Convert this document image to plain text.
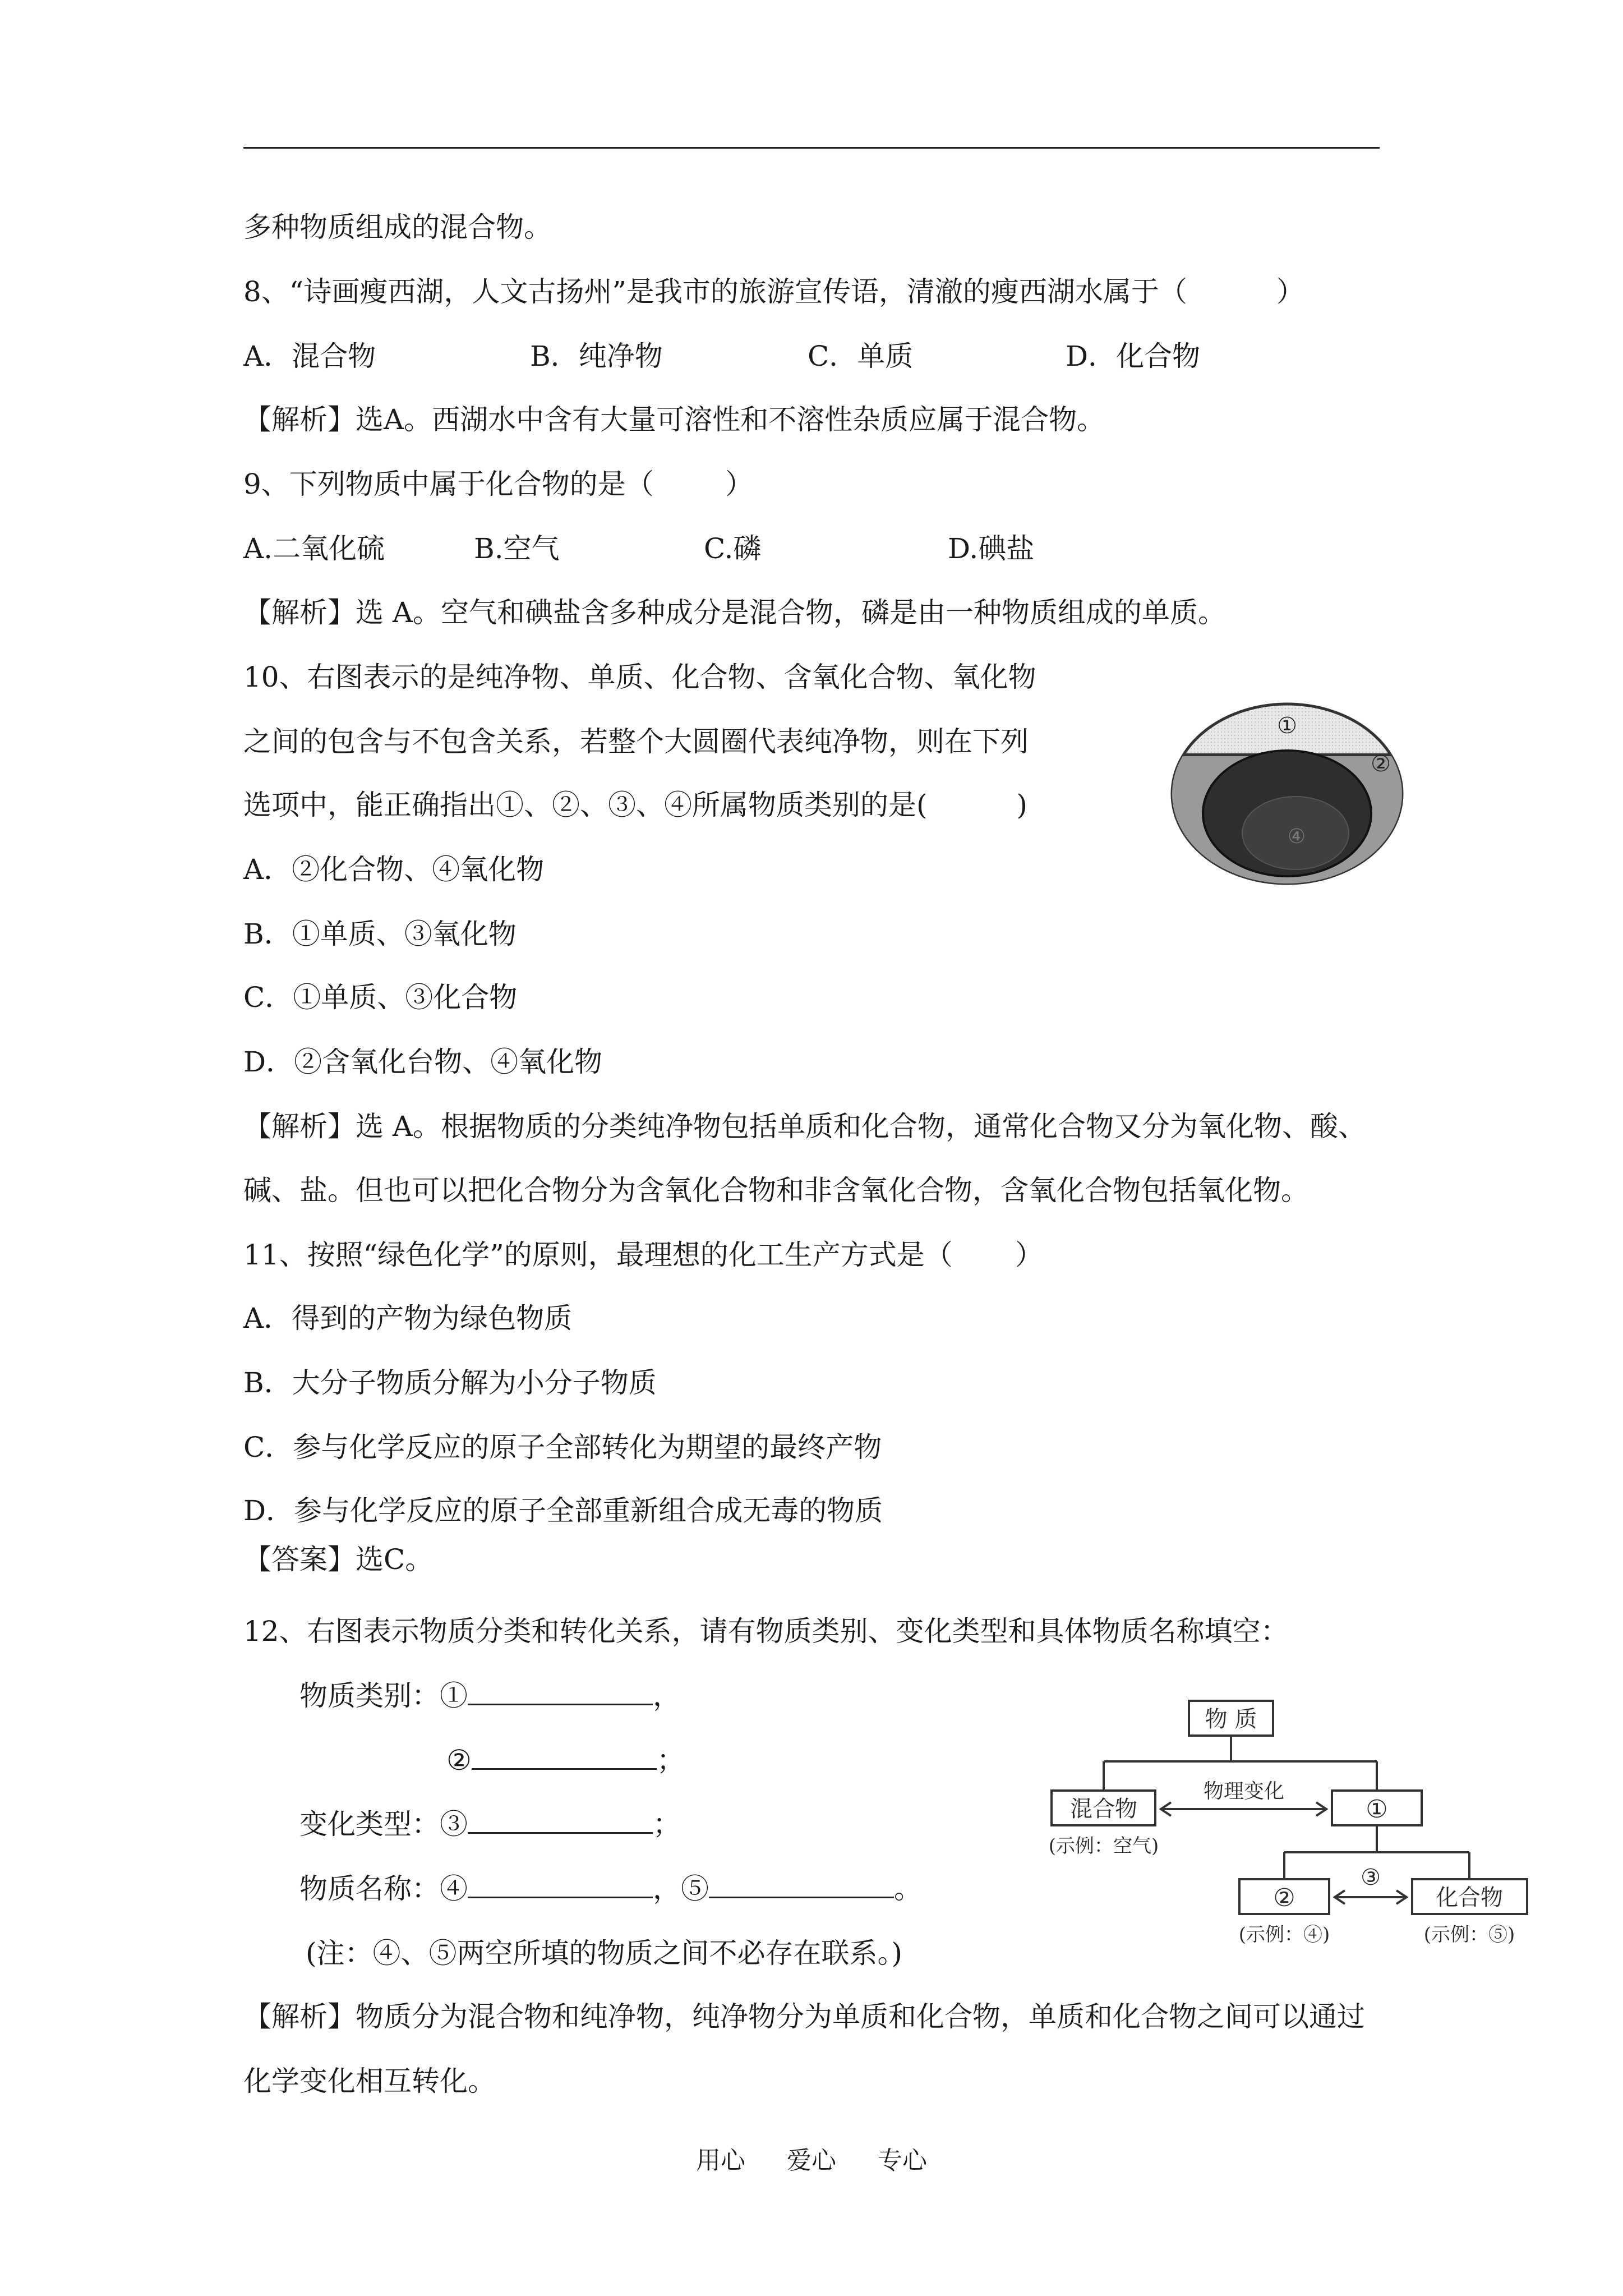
多种物质组成的混合物。
8、“诗画瘦西湖，人文古扬州”是我市的旅游宣传语，清澈的瘦西湖水属于（          ）
A．混合物	B．纯净物	C．单质	D．化合物
【解析】选A。西湖水中含有大量可溶性和不溶性杂质应属于混合物。
9、下列物质中属于化合物的是（        ）
A.二氧化硫	B.空气	C.磷	D.碘盐
【解析】选 A。空气和碘盐含多种成分是混合物，磷是由一种物质组成的单质。
10、右图表示的是纯净物、单质、化合物、含氧化合物、氧化物
之间的包含与不包含关系，若整个大圆圈代表纯净物，则在下列
选项中，能正确指出①、②、③、④所属物质类别的是(          )
A．②化合物、④氧化物
B．①单质、③氧化物
C．①单质、③化合物
D．②含氧化台物、④氧化物
【解析】选 A。根据物质的分类纯净物包括单质和化合物，通常化合物又分为氧化物、酸、
碱、盐。但也可以把化合物分为含氧化合物和非含氧化合物，含氧化合物包括氧化物。
①
②
④
11、按照“绿色化学”的原则，最理想的化工生产方式是（       ）
A．得到的产物为绿色物质
B．大分子物质分解为小分子物质
C．参与化学反应的原子全部转化为期望的最终产物
D．参与化学反应的原子全部重新组合成无毒的物质
【答案】选C。
12、右图表示物质分类和转化关系，请有物质类别、变化类型和具体物质名称填空：
物质类别：①	，
②	；
变化类型：③	；
物质名称：④	，⑤	。
(注：④、⑤两空所填的物质之间不必存在联系。)
【解析】物质分为混合物和纯净物，纯净物分为单质和化合物，单质和化合物之间可以通过
化学变化相互转化。
物 质
混合物
物理变化
①
(示例：空气)
②
③
化合物
(示例：④)	(示例：⑤)
用心 爱心 专心
